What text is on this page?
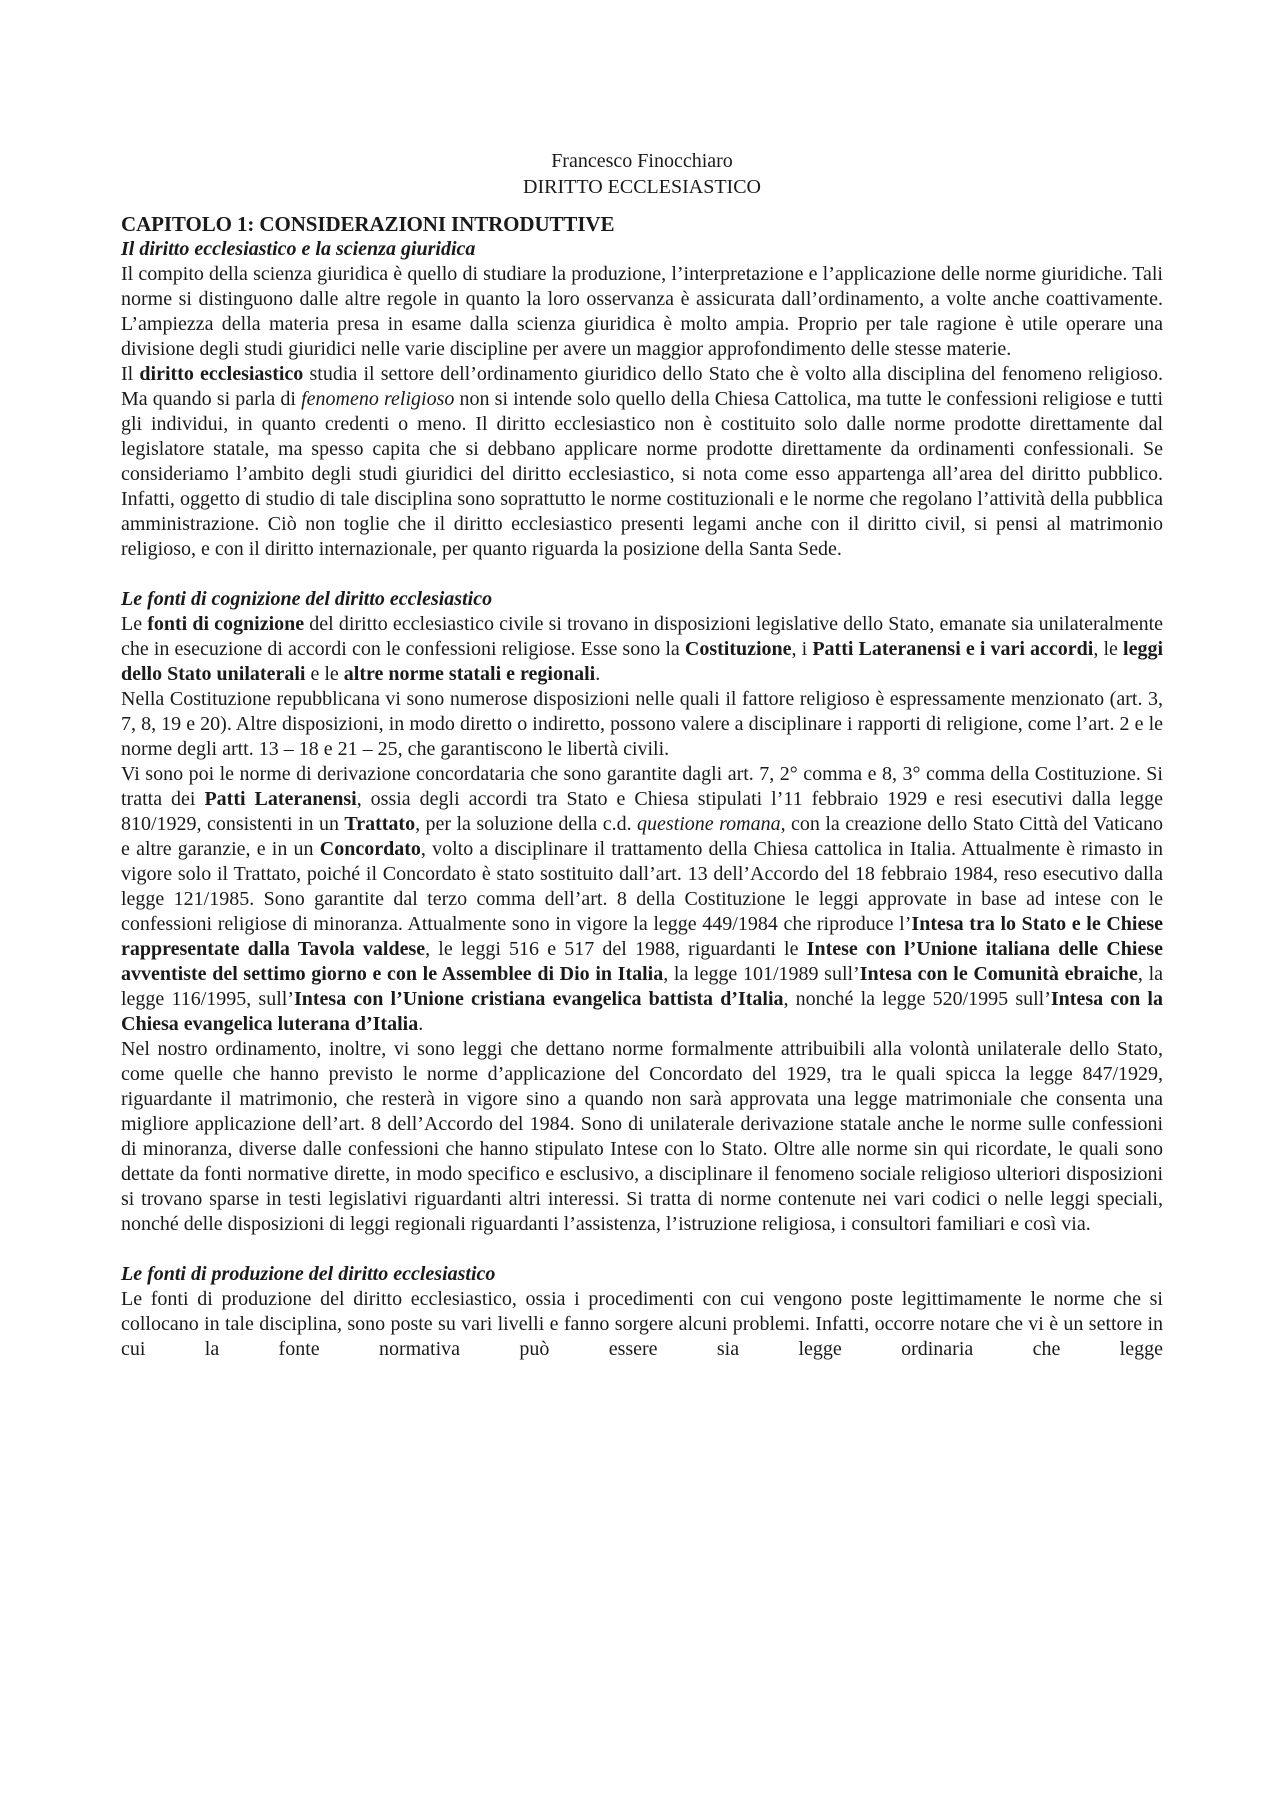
Francesco Finocchiaro
DIRITTO ECCLESIASTICO
CAPITOLO 1: CONSIDERAZIONI INTRODUTTIVE
Il diritto ecclesiastico e la scienza giuridica

Il compito della scienza giuridica è quello di studiare la produzione, l’interpretazione e l’applicazione delle norme giuridiche. Tali norme si distinguono dalle altre regole in quanto la loro osservanza è assicurata dall’ordinamento, a volte anche coattivamente. L’ampiezza della materia presa in esame dalla scienza giuridica è molto ampia. Proprio per tale ragione è utile operare una divisione degli studi giuridici nelle varie discipline per avere un maggior approfondimento delle stesse materie.

Il diritto ecclesiastico studia il settore dell’ordinamento giuridico dello Stato che è volto alla disciplina del fenomeno religioso. Ma quando si parla di fenomeno religioso non si intende solo quello della Chiesa Cattolica, ma tutte le confessioni religiose e tutti gli individui, in quanto credenti o meno. Il diritto ecclesiastico non è costituito solo dalle norme prodotte direttamente dal legislatore statale, ma spesso capita che si debbano applicare norme prodotte direttamente da ordinamenti confessionali. Se consideriamo l’ambito degli studi giuridici del diritto ecclesiastico, si nota come esso appartenga all’area del diritto pubblico. Infatti, oggetto di studio di tale disciplina sono soprattutto le norme costituzionali e le norme che regolano l’attività della pubblica amministrazione. Ciò non toglie che il diritto ecclesiastico presenti legami anche con il diritto civil, si pensi al matrimonio religioso, e con il diritto internazionale, per quanto riguarda la posizione della Santa Sede.

Le fonti di cognizione del diritto ecclesiastico

Le fonti di cognizione del diritto ecclesiastico civile si trovano in disposizioni legislative dello Stato, emanate sia unilateralmente che in esecuzione di accordi con le confessioni religiose. Esse sono la Costituzione, i Patti Lateranensi e i vari accordi, le leggi dello Stato unilaterali e le altre norme statali e regionali.

Nella Costituzione repubblicana vi sono numerose disposizioni nelle quali il fattore religioso è espressamente menzionato (art. 3, 7, 8, 19 e 20). Altre disposizioni, in modo diretto o indiretto, possono valere a disciplinare i rapporti di religione, come l’art. 2 e le norme degli artt. 13 – 18 e 21 – 25, che garantiscono le libertà civili.

Vi sono poi le norme di derivazione concordataria che sono garantite dagli art. 7, 2° comma e 8, 3° comma della Costituzione. Si tratta dei Patti Lateranensi, ossia degli accordi tra Stato e Chiesa stipulati l’11 febbraio 1929 e resi esecutivi dalla legge 810/1929, consistenti in un Trattato, per la soluzione della c.d. questione romana, con la creazione dello Stato Città del Vaticano e altre garanzie, e in un Concordato, volto a disciplinare il trattamento della Chiesa cattolica in Italia. Attualmente è rimasto in vigore solo il Trattato, poiché il Concordato è stato sostituito dall’art. 13 dell’Accordo del 18 febbraio 1984, reso esecutivo dalla legge 121/1985. Sono garantite dal terzo comma dell’art. 8 della Costituzione le leggi approvate in base ad intese con le confessioni religiose di minoranza. Attualmente sono in vigore la legge 449/1984 che riproduce l’Intesa tra lo Stato e le Chiese rappresentate dalla Tavola valdese, le leggi 516 e 517 del 1988, riguardanti le Intese con l’Unione italiana delle Chiese avventiste del settimo giorno e con le Assemblee di Dio in Italia, la legge 101/1989 sull’Intesa con le Comunità ebraiche, la legge 116/1995, sull’Intesa con l’Unione cristiana evangelica battista d’Italia, nonché la legge 520/1995 sull’Intesa con la Chiesa evangelica luterana d’Italia.

Nel nostro ordinamento, inoltre, vi sono leggi che dettano norme formalmente attribuibili alla volontà unilaterale dello Stato, come quelle che hanno previsto le norme d’applicazione del Concordato del 1929, tra le quali spicca la legge 847/1929, riguardante il matrimonio, che resterà in vigore sino a quando non sarà approvata una legge matrimoniale che consenta una migliore applicazione dell’art. 8 dell’Accordo del 1984. Sono di unilaterale derivazione statale anche le norme sulle confessioni di minoranza, diverse dalle confessioni che hanno stipulato Intese con lo Stato. Oltre alle norme sin qui ricordate, le quali sono dettate da fonti normative dirette, in modo specifico e esclusivo, a disciplinare il fenomeno sociale religioso ulteriori disposizioni si trovano sparse in testi legislativi riguardanti altri interessi. Si tratta di norme contenute nei vari codici o nelle leggi speciali, nonché delle disposizioni di leggi regionali riguardanti l’assistenza, l’istruzione religiosa, i consultori familiari e così via.

Le fonti di produzione del diritto ecclesiastico

Le fonti di produzione del diritto ecclesiastico, ossia i procedimenti con cui vengono poste legittimamente le norme che si collocano in tale disciplina, sono poste su vari livelli e fanno sorgere alcuni problemi. Infatti, occorre notare che vi è un settore in cui la fonte normativa può essere sia legge ordinaria che legge
